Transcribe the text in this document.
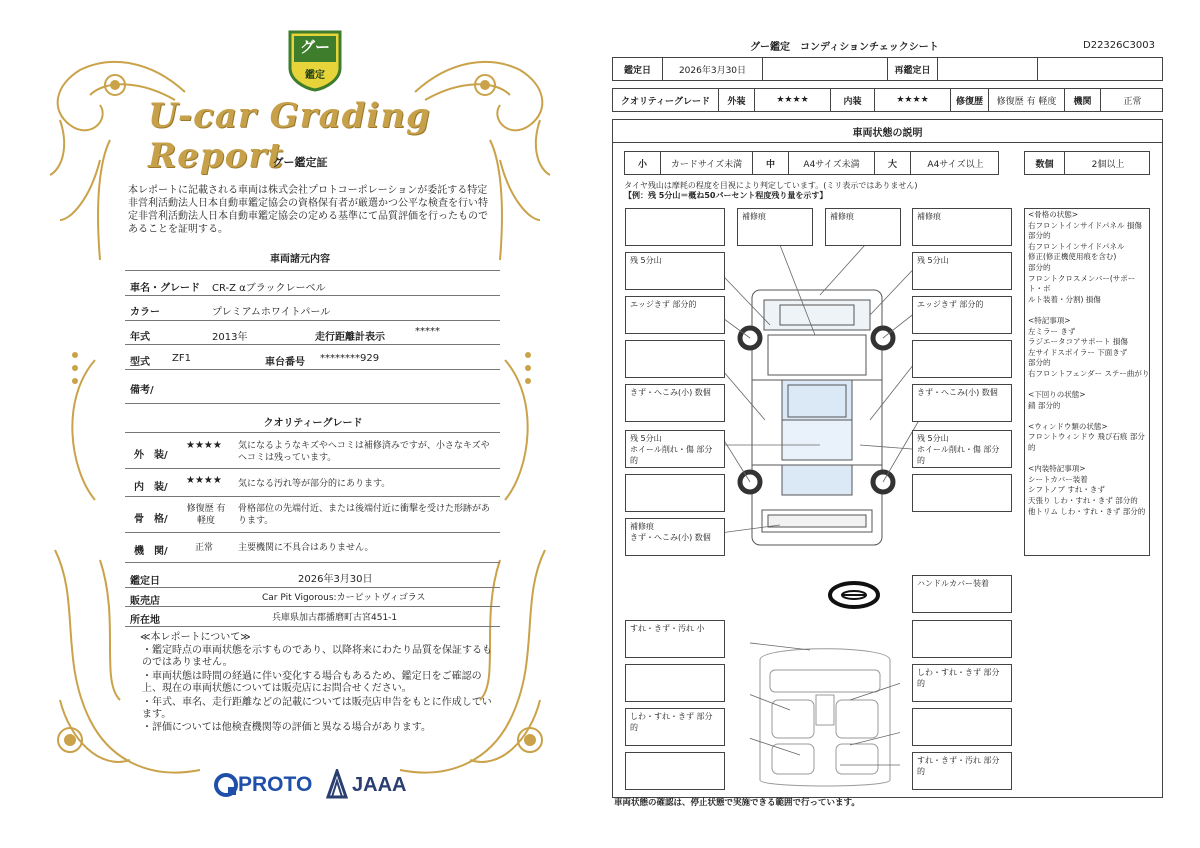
グー
鑑定
U-car Grading Report
グー鑑定証
本レポートに記載される車両は株式会社プロトコーポレーションが委託する特定非営利活動法人日本自動車鑑定協会の資格保有者が厳選かつ公平な検査を行い特定非営利活動法人日本自動車鑑定協会の定める基準にて品質評価を行ったものであることを証明する。
車両諸元内容
車名・グレード CR-Z αブラックレーベル
カラー	プレミアムホワイトパール
年式	2013年	走行距離計表示
*****
型式 ZF1	車台番号 ********929
備考/
クオリティーグレード
外　装/
★★★★ 気になるようなキズやヘコミは補修済みですが、小さなキズやヘコミは残っています。
内　装/
★★★★ 気になる汚れ等が部分的にあります。
骨　格/
修復歴 有 軽度
骨格部位の先端付近、または後端付近に衝撃を受けた形跡があります。
機　関/	正常	主要機関に不具合はありません。
鑑定日	2026年3月30日
販売店	Car Pit Vigorous:カーピットヴィゴラス
所在地	兵庫県加古郡播磨町古宮451-1
≪本レポートについて≫
・鑑定時点の車両状態を示すものであり、以降将来にわたり品質を保証するものではありません。
・車両状態は時間の経過に伴い変化する場合もあるため、鑑定日をご確認の上、現在の車両状態については販売店にお問合せください。
・年式、車名、走行距離などの記載については販売店申告をもとに作成しています。
・評価については他検査機関等の評価と異なる場合があります。
PROTO JAAA
グー鑑定　コンディションチェックシート	D22326C3003
鑑定日	2026年3月30日	再鑑定日
クオリティーグレード	外装	★★★★	内装	★★★★	修復歴	修復歴 有 軽度	機関	正常
車両状態の説明
小	カードサイズ未満	中	A4サイズ未満	大	A4サイズ以上	数個	2個以上
タイヤ残山は摩耗の程度を目視により判定しています。(ミリ表示ではありません)
【例：残 5分山＝概ね50パーセント程度残り量を示す】
残 5分山
エッジきず 部分的
きず・へこみ(小) 数個
残 5分山
ホイール削れ・傷 部分的
補修痕
きず・へこみ(小) 数個
補修痕	補修痕	補修痕
残 5分山
エッジきず 部分的
きず・へこみ(小) 数個
残 5分山
ホイール削れ・傷 部分的
<骨格の状態>
右フロントインサイドパネル 損傷
部分的
右フロントインサイドパネル
修正(修正機使用痕を含む)
部分的
フロントクロスメンバー(サポート・ボ
ルト装着・分割) 損傷

<特記事項>
左ミラー きず
ラジエータコアサポート 損傷
左サイドスポイラー 下面きず
部分的
右フロントフェンダー ステー曲がり

<下回りの状態>
錆 部分的

<ウィンドウ類の状態>
フロントウィンドウ 飛び石痕 部分的

<内装特記事項>
シートカバー装着
シフトノブ すれ・きず
天張り しわ・すれ・きず 部分的
他トリム しわ・すれ・きず 部分的
ハンドルカバー装着
しわ・すれ・きず 部分的
すれ・きず・汚れ 部分的
すれ・きず・汚れ 小
しわ・すれ・きず 部分的
車両状態の確認は、停止状態で実施できる範囲で行っています。
